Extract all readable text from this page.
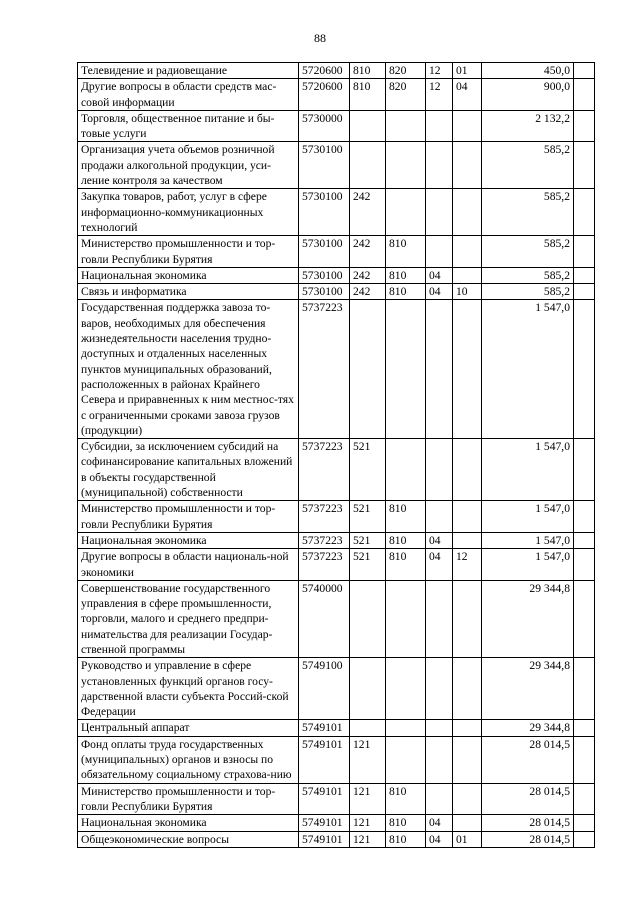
88
Телевидение и радиовещание	5720600	810	820	12	01	450,0	
Другие вопросы в области средств мас-совой информации	5720600	810	820	12	04	900,0	
Торговля, общественное питание и бы-товые услуги	5730000					2 132,2	
Организация учета объемов розничной продажи алкогольной продукции, уси-ление контроля за качеством	5730100					585,2	
Закупка товаров, работ, услуг в сфере информационно-коммуникационных технологий	5730100	242				585,2	
Министерство промышленности и тор-говли Республики Бурятия	5730100	242	810			585,2	
Национальная экономика	5730100	242	810	04		585,2	
Связь и информатика	5730100	242	810	04	10	585,2	
Государственная поддержка завоза то-варов, необходимых для обеспечения жизнедеятельности населения трудно-доступных и отдаленных населенных пунктов муниципальных образований, расположенных в районах Крайнего Севера и приравненных к ним местнос-тях с ограниченными сроками завоза грузов (продукции)	5737223					1 547,0	
Субсидии, за исключением субсидий на софинансирование капитальных вложений в объекты государственной (муниципальной) собственности	5737223	521				1 547,0	
Министерство промышленности и тор-говли Республики Бурятия	5737223	521	810			1 547,0	
Национальная экономика	5737223	521	810	04		1 547,0	
Другие вопросы в области националь-ной экономики	5737223	521	810	04	12	1 547,0	
Совершенствование государственного управления в сфере промышленности, торговли, малого и среднего предпри-нимательства для реализации Государ-ственной программы	5740000					29 344,8	
Руководство и управление в сфере установленных функций органов госу-дарственной власти субъекта Россий-ской Федерации	5749100					29 344,8	
Центральный аппарат	5749101					29 344,8	
Фонд оплаты труда государственных (муниципальных) органов и взносы по обязательному социальному страхова-нию	5749101	121				28 014,5	
Министерство промышленности и тор-говли Республики Бурятия	5749101	121	810			28 014,5	
Национальная экономика	5749101	121	810	04		28 014,5	
Общеэкономические вопросы	5749101	121	810	04	01	28 014,5	
